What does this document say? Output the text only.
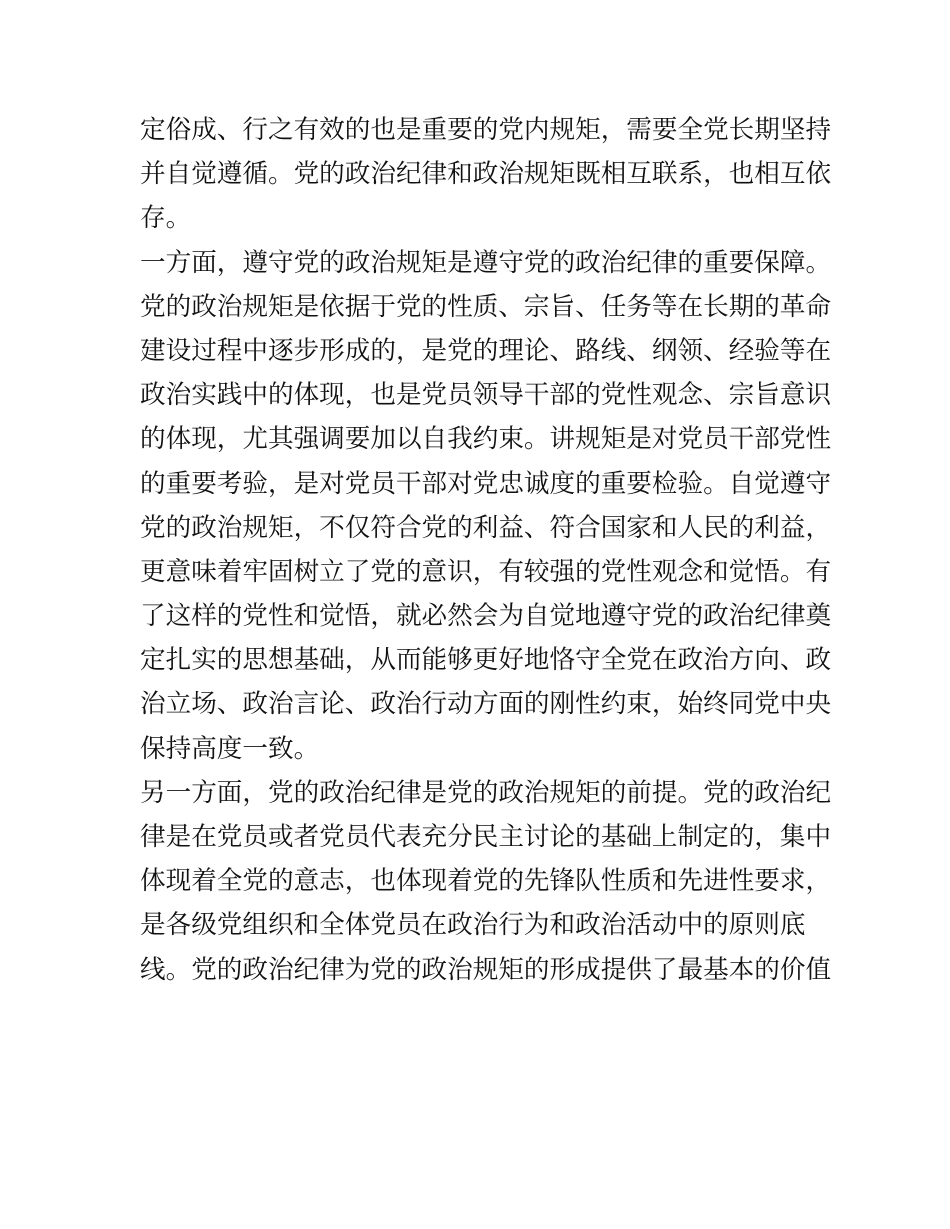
定俗成、行之有效的也是重要的党内规矩，需要全党长期坚持
并自觉遵循。党的政治纪律和政治规矩既相互联系，也相互依
存。
一方面，遵守党的政治规矩是遵守党的政治纪律的重要保障。
党的政治规矩是依据于党的性质、宗旨、任务等在长期的革命
建设过程中逐步形成的，是党的理论、路线、纲领、经验等在
政治实践中的体现，也是党员领导干部的党性观念、宗旨意识
的体现，尤其强调要加以自我约束。讲规矩是对党员干部党性
的重要考验，是对党员干部对党忠诚度的重要检验。自觉遵守
党的政治规矩，不仅符合党的利益、符合国家和人民的利益，
更意味着牢固树立了党的意识，有较强的党性观念和觉悟。有
了这样的党性和觉悟，就必然会为自觉地遵守党的政治纪律奠
定扎实的思想基础，从而能够更好地恪守全党在政治方向、政
治立场、政治言论、政治行动方面的刚性约束，始终同党中央
保持高度一致。
另一方面，党的政治纪律是党的政治规矩的前提。党的政治纪
律是在党员或者党员代表充分民主讨论的基础上制定的，集中
体现着全党的意志，也体现着党的先锋队性质和先进性要求，
是各级党组织和全体党员在政治行为和政治活动中的原则底
线。党的政治纪律为党的政治规矩的形成提供了最基本的价值
